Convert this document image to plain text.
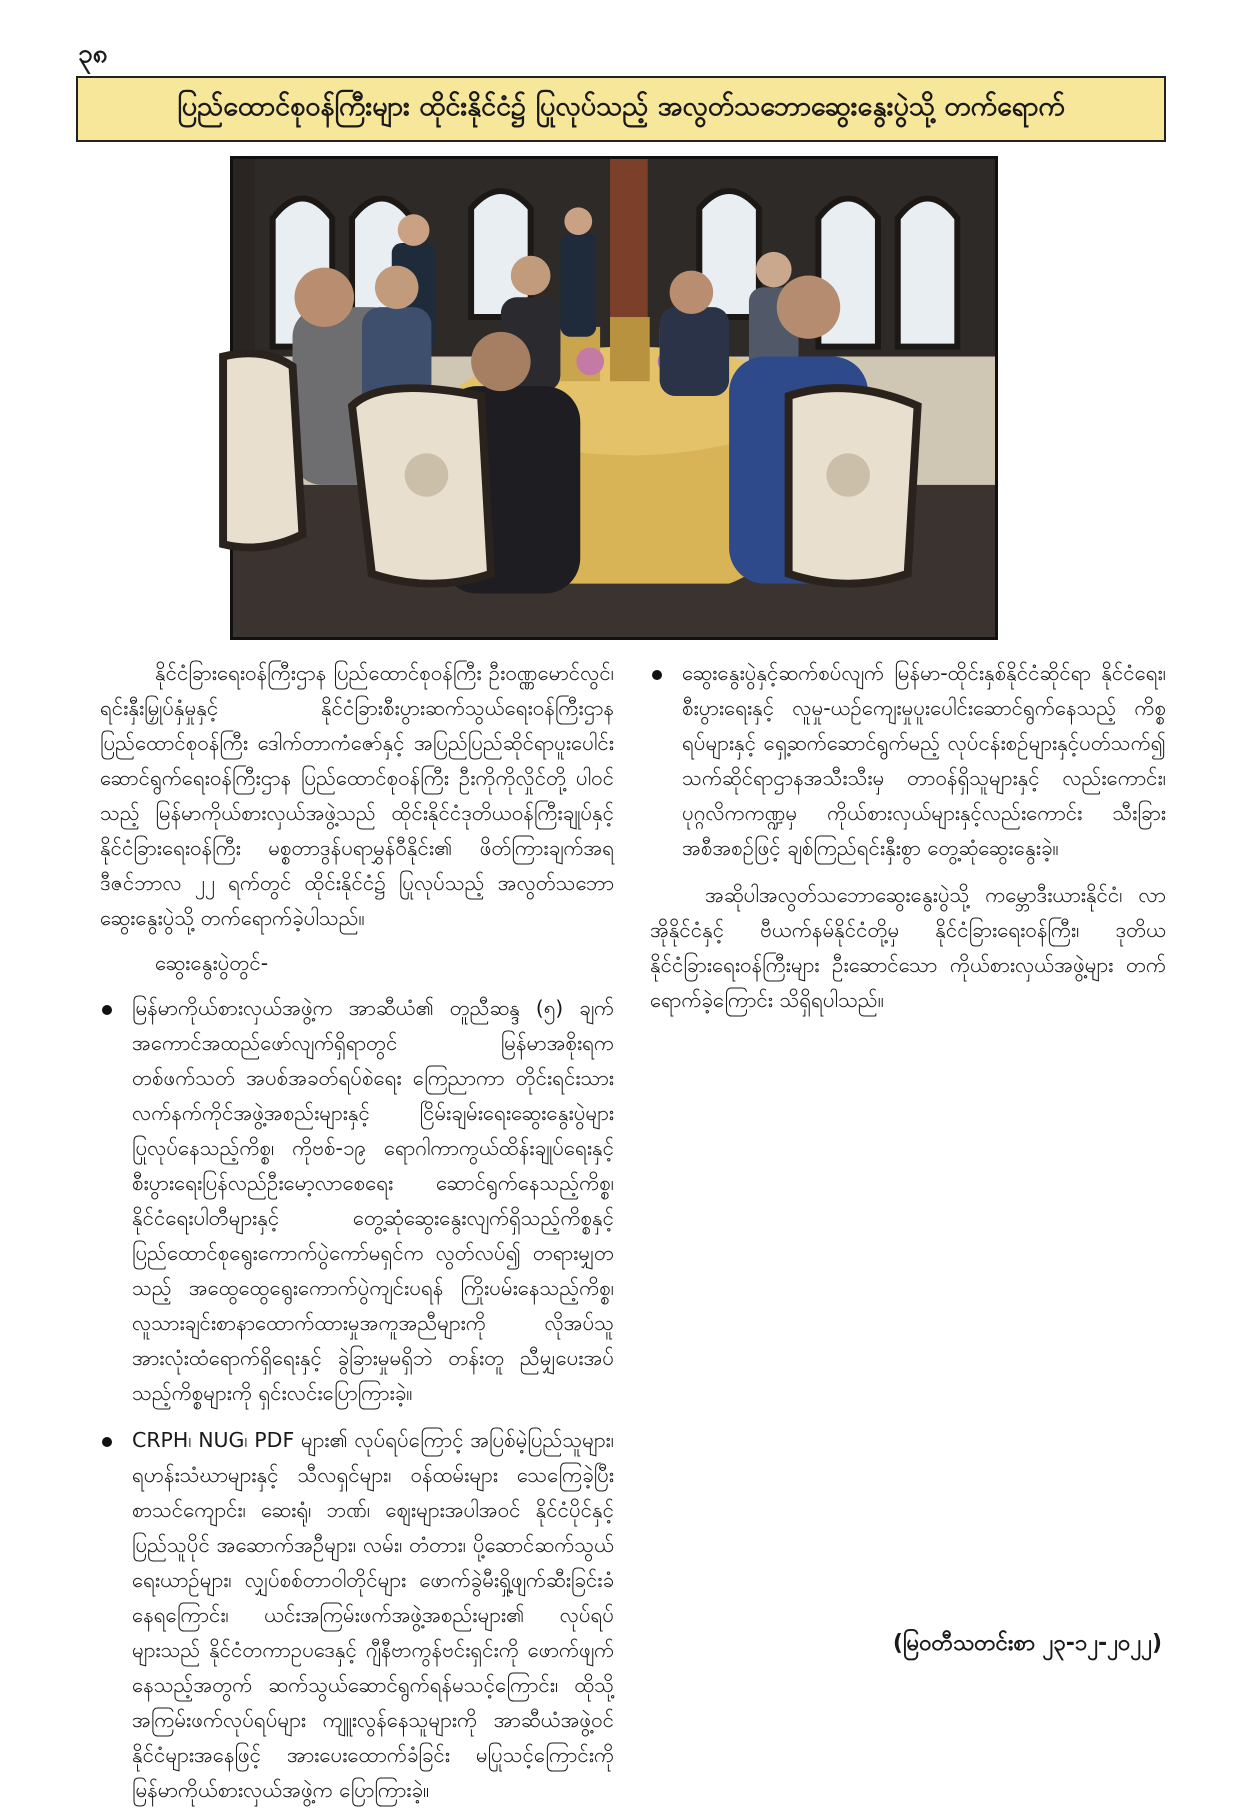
၃၈
ပြည်ထောင်စုဝန်ကြီးများ ထိုင်းနိုင်ငံ၌ ပြုလုပ်သည့် အလွတ်သဘောဆွေးနွေးပွဲသို့ တက်ရောက်

နိုင်ငံခြားရေးဝန်ကြီးဌာန ပြည်ထောင်စုဝန်ကြီး ဦးဝဏ္ဏမောင်လွင်၊ ရင်းနှီးမြှုပ်နှံမှုနှင့် နိုင်ငံခြားစီးပွားဆက်သွယ်ရေးဝန်ကြီးဌာန ပြည်ထောင်စုဝန်ကြီး ဒေါက်တာကံဇော်နှင့် အပြည်ပြည်ဆိုင်ရာပူးပေါင်းဆောင်ရွက်ရေးဝန်ကြီးဌာန ပြည်ထောင်စုဝန်ကြီး ဦးကိုကိုလှိုင်တို့ ပါဝင်သည့် မြန်မာကိုယ်စားလှယ်အဖွဲ့သည် ထိုင်းနိုင်ငံဒုတိယဝန်ကြီးချုပ်နှင့် နိုင်ငံခြားရေးဝန်ကြီး မစ္စတာဒွန်ပရာမွှန်ဝီနိုင်း၏ ဖိတ်ကြားချက်အရ ဒီဇင်ဘာလ ၂၂ ရက်တွင် ထိုင်းနိုင်ငံ၌ ပြုလုပ်သည့် အလွတ်သဘောဆွေးနွေးပွဲသို့ တက်ရောက်ခဲ့ပါသည်။

ဆွေးနွေးပွဲတွင်-

မြန်မာကိုယ်စားလှယ်အဖွဲ့က အာဆီယံ၏ တူညီဆန္ဒ (၅) ချက် အကောင်အထည်ဖော်လျက်ရှိရာတွင် မြန်မာအစိုးရက တစ်ဖက်သတ် အပစ်အခတ်ရပ်စဲရေး ကြေညာကာ တိုင်းရင်းသားလက်နက်ကိုင်အဖွဲ့အစည်းများနှင့် ငြိမ်းချမ်းရေးဆွေးနွေးပွဲများ ပြုလုပ်နေသည့်ကိစ္စ၊ ကိုဗစ်-၁၉ ရောဂါကာကွယ်ထိန်းချုပ်ရေးနှင့် စီးပွားရေးပြန်လည်ဦးမော့လာစေရေး ဆောင်ရွက်နေသည့်ကိစ္စ၊ နိုင်ငံရေးပါတီများနှင့် တွေ့ဆုံဆွေးနွေးလျက်ရှိသည့်ကိစ္စနှင့် ပြည်ထောင်စုရွေးကောက်ပွဲကော်မရှင်က လွတ်လပ်၍ တရားမျှတသည့် အထွေထွေရွေးကောက်ပွဲကျင်းပရန် ကြိုးပမ်းနေသည့်ကိစ္စ၊ လူသားချင်းစာနာထောက်ထားမှုအကူအညီများကို လိုအပ်သူအားလုံးထံရောက်ရှိရေးနှင့် ခွဲခြားမှုမရှိဘဲ တန်းတူ ညီမျှပေးအပ်သည့်ကိစ္စများကို ရှင်းလင်းပြောကြားခဲ့။
CRPH၊ NUG၊ PDF များ၏ လုပ်ရပ်ကြောင့် အပြစ်မဲ့ပြည်သူများ၊ ရဟန်းသံဃာများနှင့် သီလရှင်များ၊ ဝန်ထမ်းများ သေကြေခဲ့ပြီး စာသင်ကျောင်း၊ ဆေးရုံ၊ ဘဏ်၊ ဈေးများအပါအဝင် နိုင်ငံပိုင်နှင့် ပြည်သူပိုင် အဆောက်အဦများ၊ လမ်း၊ တံတား၊ ပို့ဆောင်ဆက်သွယ်ရေးယာဉ်များ၊ လျှပ်စစ်တာဝါတိုင်များ ဖောက်ခွဲမီးရှို့ဖျက်ဆီးခြင်းခံနေရကြောင်း၊ ယင်းအကြမ်းဖက်အဖွဲ့အစည်းများ၏ လုပ်ရပ်များသည် နိုင်ငံတကာဥပဒေနှင့် ဂျီနီဗာကွန်ဗင်းရှင်းကို ဖောက်ဖျက်နေသည့်အတွက် ဆက်သွယ်ဆောင်ရွက်ရန်မသင့်ကြောင်း၊ ထိုသို့အကြမ်းဖက်လုပ်ရပ်များ ကျူးလွန်နေသူများကို အာဆီယံအဖွဲ့ဝင်နိုင်ငံများအနေဖြင့် အားပေးထောက်ခံခြင်း မပြုသင့်ကြောင်းကို မြန်မာကိုယ်စားလှယ်အဖွဲ့က ပြောကြားခဲ့။
ဆွေးနွေးပွဲနှင့်ဆက်စပ်လျက် မြန်မာ-ထိုင်းနှစ်နိုင်ငံဆိုင်ရာ နိုင်ငံရေး၊ စီးပွားရေးနှင့် လူမှု-ယဉ်ကျေးမှုပူးပေါင်းဆောင်ရွက်နေသည့် ကိစ္စရပ်များနှင့် ရှေ့ဆက်ဆောင်ရွက်မည့် လုပ်ငန်းစဉ်များနှင့်ပတ်သက်၍ သက်ဆိုင်ရာဌာနအသီးသီးမှ တာဝန်ရှိသူများနှင့် လည်းကောင်း၊ ပုဂ္ဂလိကကဏ္ဍမှ ကိုယ်စားလှယ်များနှင့်လည်းကောင်း သီးခြားအစီအစဉ်ဖြင့် ချစ်ကြည်ရင်းနှီးစွာ တွေ့ဆုံဆွေးနွေးခဲ့။

အဆိုပါအလွတ်သဘောဆွေးနွေးပွဲသို့ ကမ္ဘောဒီးယားနိုင်ငံ၊ လာအိုနိုင်ငံနှင့် ဗီယက်နမ်နိုင်ငံတို့မှ နိုင်ငံခြားရေးဝန်ကြီး၊ ဒုတိယနိုင်ငံခြားရေးဝန်ကြီးများ ဦးဆောင်သော ကိုယ်စားလှယ်အဖွဲ့များ တက်ရောက်ခဲ့ကြောင်း သိရှိရပါသည်။

(မြဝတီသတင်းစာ ၂၃-၁၂-၂၀၂၂)
